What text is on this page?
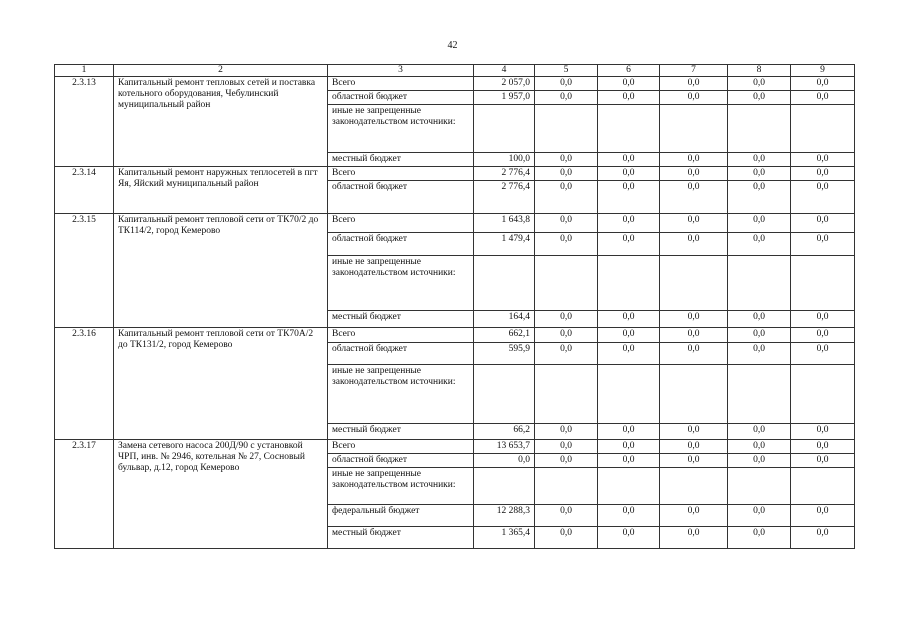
42
1	2	3	4	5	6	7	8	9
2.3.13	Капитальный ремонт тепловых сетей и поставка котельного оборудования, Чебулинский муниципальный район	Всего	2 057,0	0,0	0,0	0,0	0,0	0,0
		областной бюджет	1 957,0	0,0	0,0	0,0	0,0	0,0
		иные не запрещенные законодательством источники:						
		местный бюджет	100,0	0,0	0,0	0,0	0,0	0,0
2.3.14	Капитальный ремонт наружных теплосетей в пгт Яя, Яйский муниципальный район	Всего	2 776,4	0,0	0,0	0,0	0,0	0,0
		областной бюджет	2 776,4	0,0	0,0	0,0	0,0	0,0
2.3.15	Капитальный ремонт тепловой сети от ТК70/2 до ТК114/2, город Кемерово	Всего	1 643,8	0,0	0,0	0,0	0,0	0,0
		областной бюджет	1 479,4	0,0	0,0	0,0	0,0	0,0
		иные не запрещенные законодательством источники:						
		местный бюджет	164,4	0,0	0,0	0,0	0,0	0,0
2.3.16	Капитальный ремонт тепловой сети от ТК70А/2 до ТК131/2, город Кемерово	Всего	662,1	0,0	0,0	0,0	0,0	0,0
		областной бюджет	595,9	0,0	0,0	0,0	0,0	0,0
		иные не запрещенные законодательством источники:						
		местный бюджет	66,2	0,0	0,0	0,0	0,0	0,0
2.3.17	Замена сетевого насоса 200Д/90 с установкой ЧРП, инв. № 2946, котельная № 27, Сосновый бульвар, д.12, город Кемерово	Всего	13 653,7	0,0	0,0	0,0	0,0	0,0
		областной бюджет	0,0	0,0	0,0	0,0	0,0	0,0
		иные не запрещенные законодательством источники:						
		федеральный бюджет	12 288,3	0,0	0,0	0,0	0,0	0,0
		местный бюджет	1 365,4	0,0	0,0	0,0	0,0	0,0
